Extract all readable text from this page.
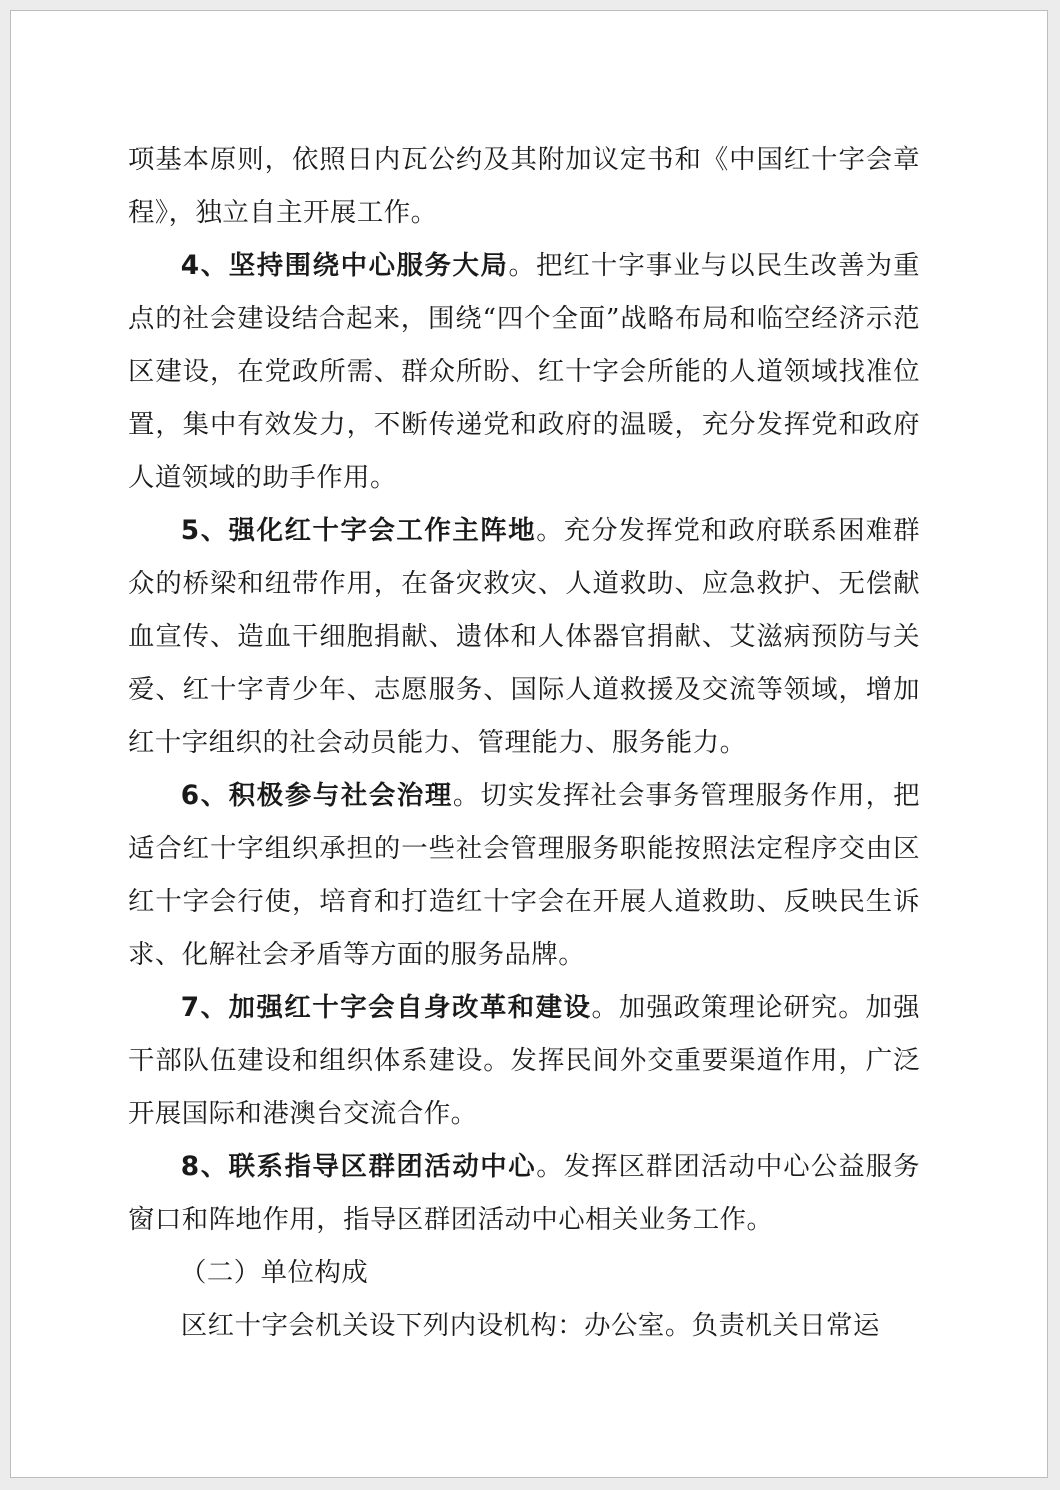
项基本原则，依照日内瓦公约及其附加议定书和《中国红十字会章程》，独立自主开展工作。

4、坚持围绕中心服务大局。把红十字事业与以民生改善为重点的社会建设结合起来，围绕“四个全面”战略布局和临空经济示范区建设，在党政所需、群众所盼、红十字会所能的人道领域找准位置，集中有效发力，不断传递党和政府的温暖，充分发挥党和政府人道领域的助手作用。

5、强化红十字会工作主阵地。充分发挥党和政府联系困难群众的桥梁和纽带作用，在备灾救灾、人道救助、应急救护、无偿献血宣传、造血干细胞捐献、遗体和人体器官捐献、艾滋病预防与关爱、红十字青少年、志愿服务、国际人道救援及交流等领域，增加红十字组织的社会动员能力、管理能力、服务能力。

6、积极参与社会治理。切实发挥社会事务管理服务作用，把适合红十字组织承担的一些社会管理服务职能按照法定程序交由区红十字会行使，培育和打造红十字会在开展人道救助、反映民生诉求、化解社会矛盾等方面的服务品牌。

7、加强红十字会自身改革和建设。加强政策理论研究。加强干部队伍建设和组织体系建设。发挥民间外交重要渠道作用，广泛开展国际和港澳台交流合作。

8、联系指导区群团活动中心。发挥区群团活动中心公益服务窗口和阵地作用，指导区群团活动中心相关业务工作。

（二）单位构成

区红十字会机关设下列内设机构：办公室。负责机关日常运
